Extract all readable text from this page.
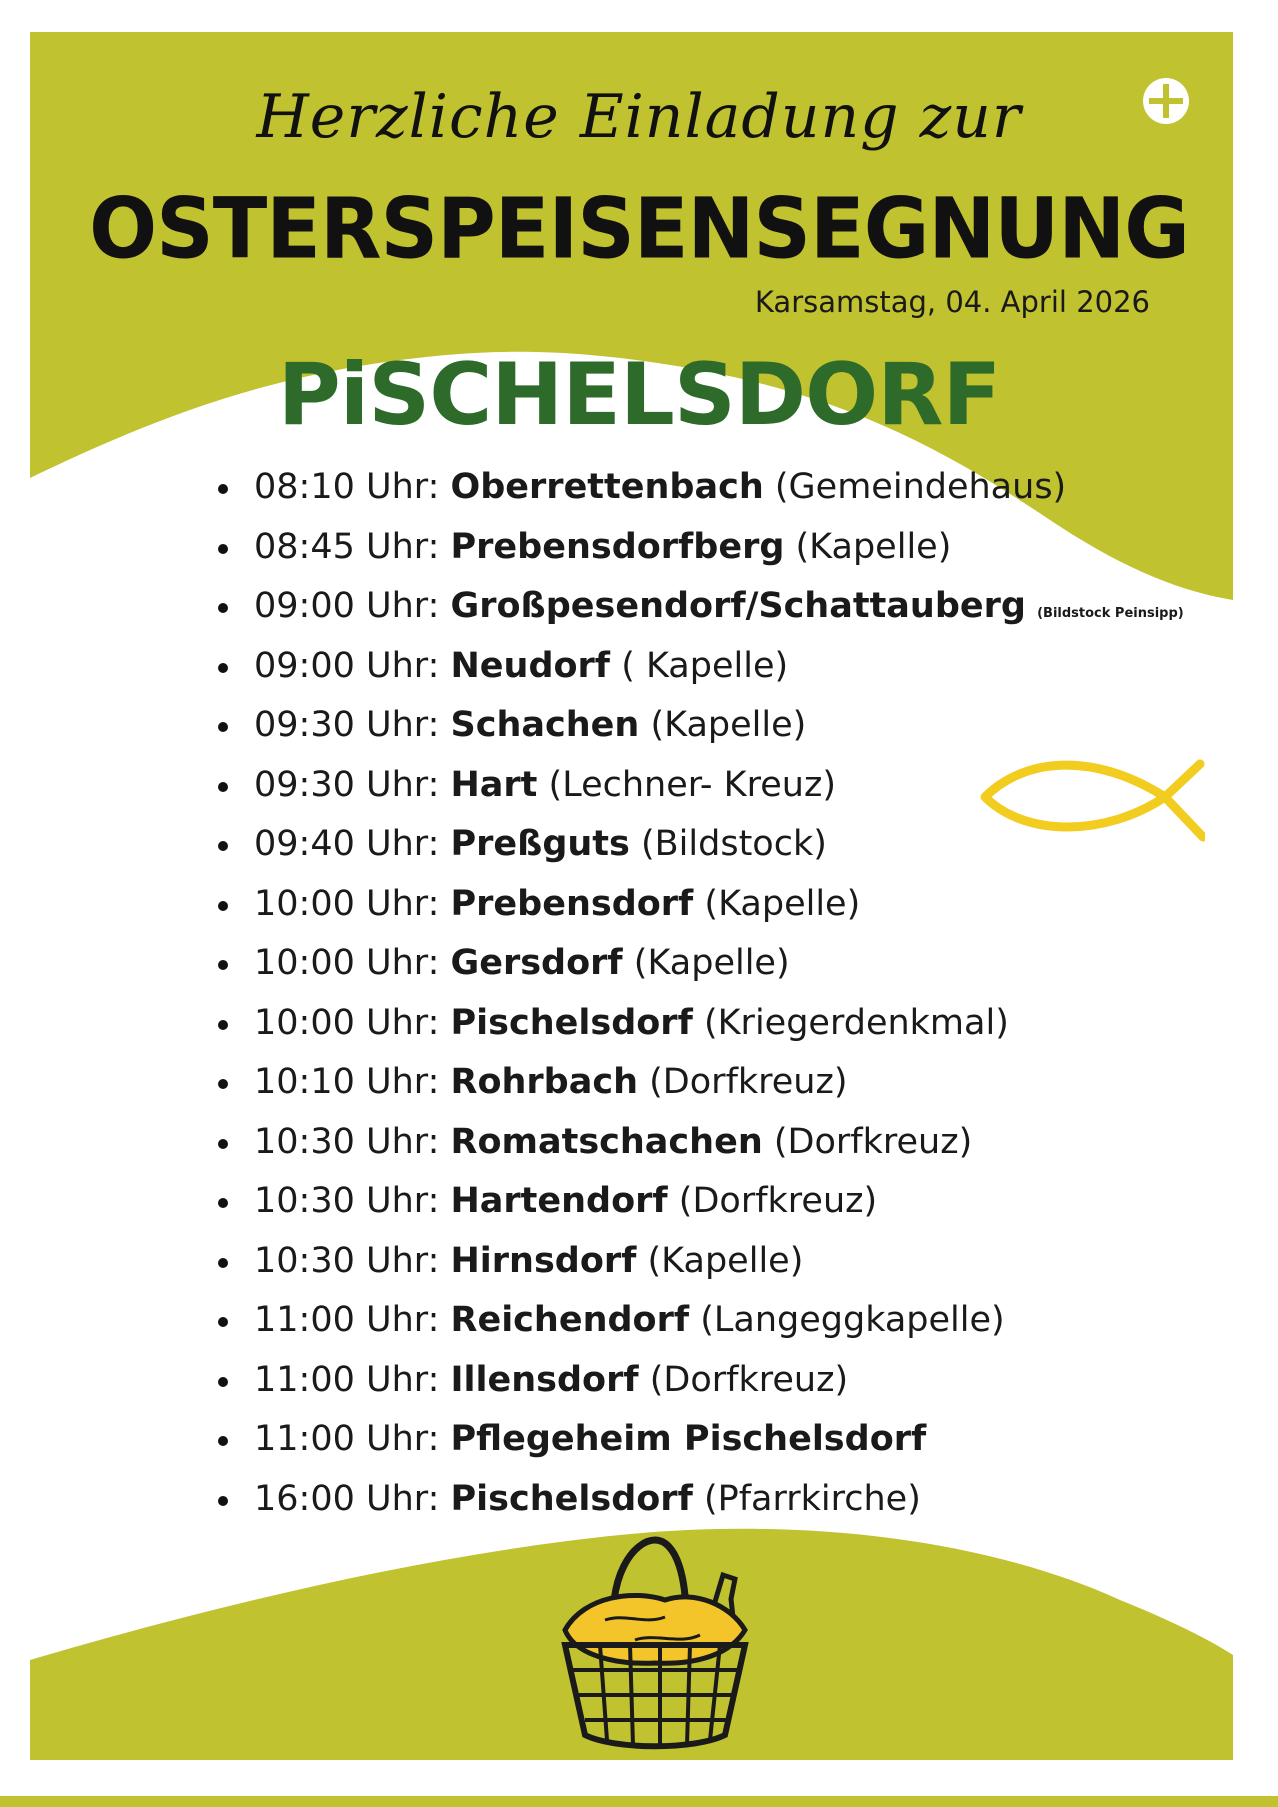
Herzliche Einladung zur
OSTERSPEISENSEGNUNG
Karsamstag, 04. April 2026
PiSCHELSDORF
08:10 Uhr: Oberrettenbach (Gemeindehaus)
08:45 Uhr: Prebensdorfberg (Kapelle)
09:00 Uhr: Großpesendorf/Schattauberg (Bildstock Peinsipp)
09:00 Uhr: Neudorf ( Kapelle)
09:30 Uhr: Schachen (Kapelle)
09:30 Uhr: Hart (Lechner- Kreuz)
09:40 Uhr: Preßguts (Bildstock)
10:00 Uhr: Prebensdorf (Kapelle)
10:00 Uhr: Gersdorf (Kapelle)
10:00 Uhr: Pischelsdorf (Kriegerdenkmal)
10:10 Uhr: Rohrbach (Dorfkreuz)
10:30 Uhr: Romatschachen (Dorfkreuz)
10:30 Uhr: Hartendorf (Dorfkreuz)
10:30 Uhr: Hirnsdorf (Kapelle)
11:00 Uhr: Reichendorf (Langeggkapelle)
11:00 Uhr: Illensdorf (Dorfkreuz)
11:00 Uhr: Pflegeheim Pischelsdorf
16:00 Uhr: Pischelsdorf (Pfarrkirche)
